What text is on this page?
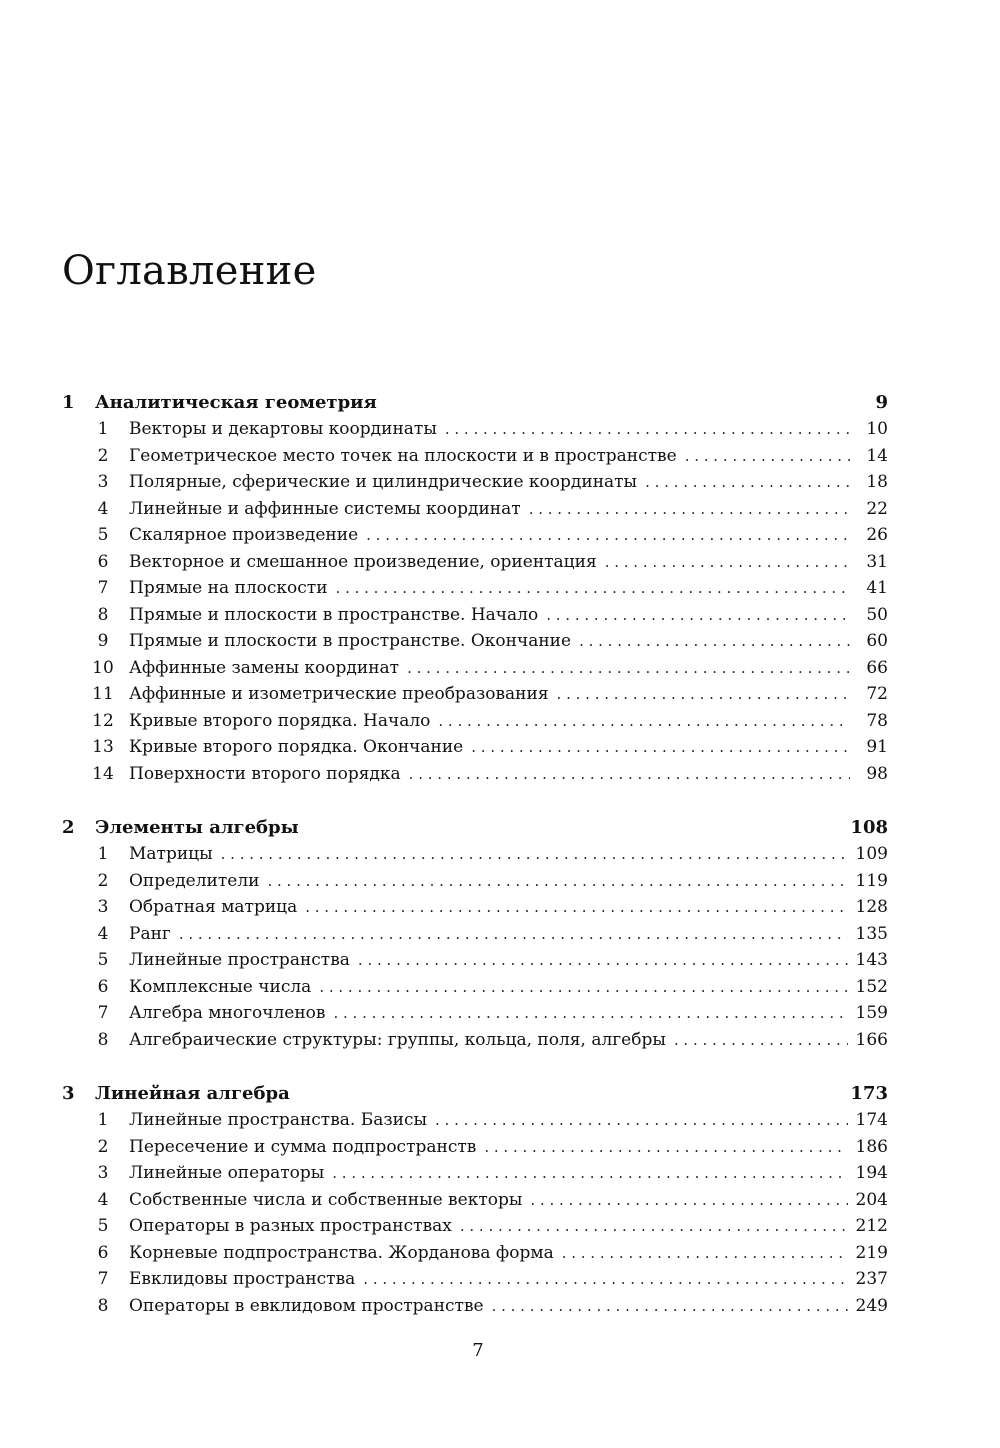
Оглавление
1	Аналитическая геометрия	9
1	Векторы и декартовы координаты . . .	10
2	Геометрическое место точек на плоскости и в пространстве . . .	14
3	Полярные, сферические и цилиндрические координаты . . .	18
4	Линейные и аффинные системы координат . . .	22
5	Скалярное произведение . . .	26
6	Векторное и смешанное произведение, ориентация . . .	31
7	Прямые на плоскости . . .	41
8	Прямые и плоскости в пространстве. Начало . . .	50
9	Прямые и плоскости в пространстве. Окончание . . .	60
10 Аффинные замены координат . . .	66
11 Аффинные и изометрические преобразования . . .	72
12 Кривые второго порядка. Начало . . .	78
13 Кривые второго порядка. Окончание . . .	91
14 Поверхности второго порядка . . .	98
2	Элементы алгебры	108
1	Матрицы . . .	109
2	Определители . . .	119
3	Обратная матрица . . .	128
4	Ранг . . .	135
5	Линейные пространства . . .	143
6	Комплексные числа . . .	152
7	Алгебра многочленов . . .	159
8	Алгебраические структуры: группы, кольца, поля, алгебры . . .	166
3	Линейная алгебра	173
1	Линейные пространства. Базисы . . .	174
2	Пересечение и сумма подпространств . . .	186
3	Линейные операторы . . .	194
4	Собственные числа и собственные векторы . . .	204
5	Операторы в разных пространствах . . .	212
6	Корневые подпространства. Жорданова форма . . .	219
7	Евклидовы пространства . . .	237
8	Операторы в евклидовом пространстве . . .	249
7
